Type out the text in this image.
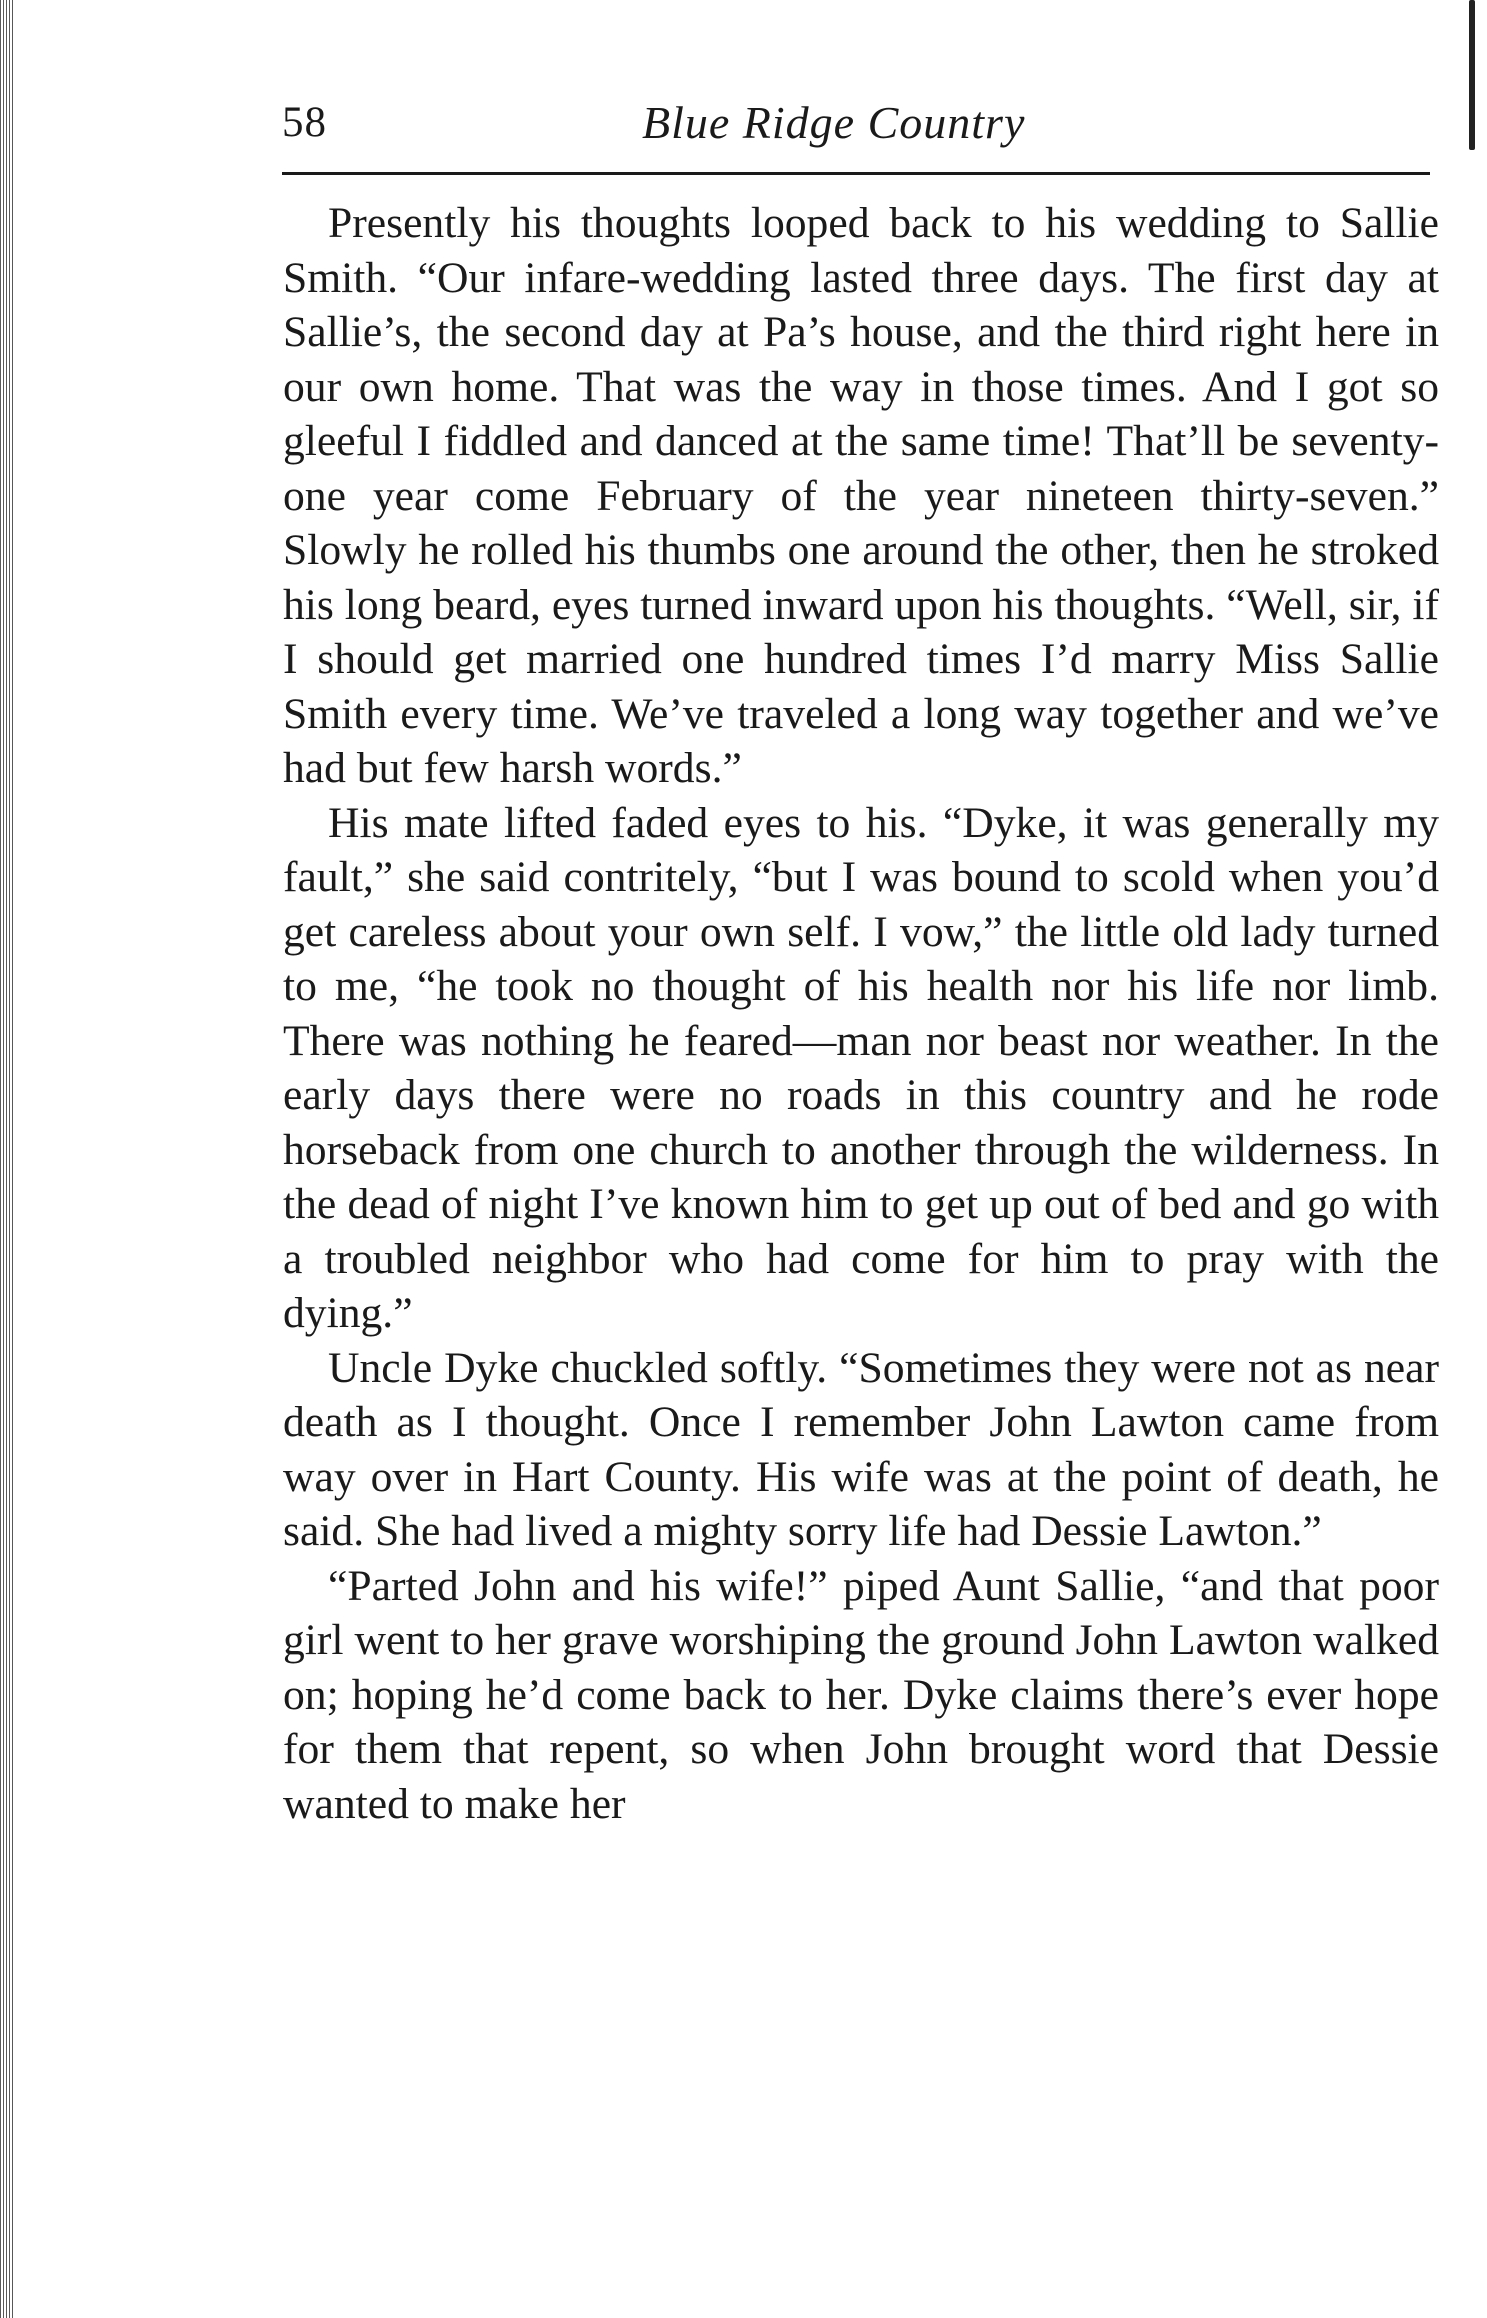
58	Blue Ridge Country

Presently his thoughts looped back to his wedding to Sallie Smith. “Our infare-wedding lasted three days. The first day at Sallie’s, the second day at Pa’s house, and the third right here in our own home. That was the way in those times. And I got so gleeful I fiddled and danced at the same time! That’ll be seventy-one year come February of the year nineteen thirty-seven.” Slowly he rolled his thumbs one around the other, then he stroked his long beard, eyes turned inward upon his thoughts. “Well, sir, if I should get married one hundred times I’d marry Miss Sallie Smith every time. We’ve traveled a long way together and we’ve had but few harsh words.”

His mate lifted faded eyes to his. “Dyke, it was generally my fault,” she said contritely, “but I was bound to scold when you’d get careless about your own self. I vow,” the little old lady turned to me, “he took no thought of his health nor his life nor limb. There was nothing he feared—man nor beast nor weather. In the early days there were no roads in this country and he rode horseback from one church to another through the wilderness. In the dead of night I’ve known him to get up out of bed and go with a troubled neighbor who had come for him to pray with the dying.”

Uncle Dyke chuckled softly. “Sometimes they were not as near death as I thought. Once I remember John Lawton came from way over in Hart County. His wife was at the point of death, he said. She had lived a mighty sorry life had Dessie Lawton.”

“Parted John and his wife!” piped Aunt Sallie, “and that poor girl went to her grave worshiping the ground John Lawton walked on; hoping he’d come back to her. Dyke claims there’s ever hope for them that repent, so when John brought word that Dessie wanted to make her
